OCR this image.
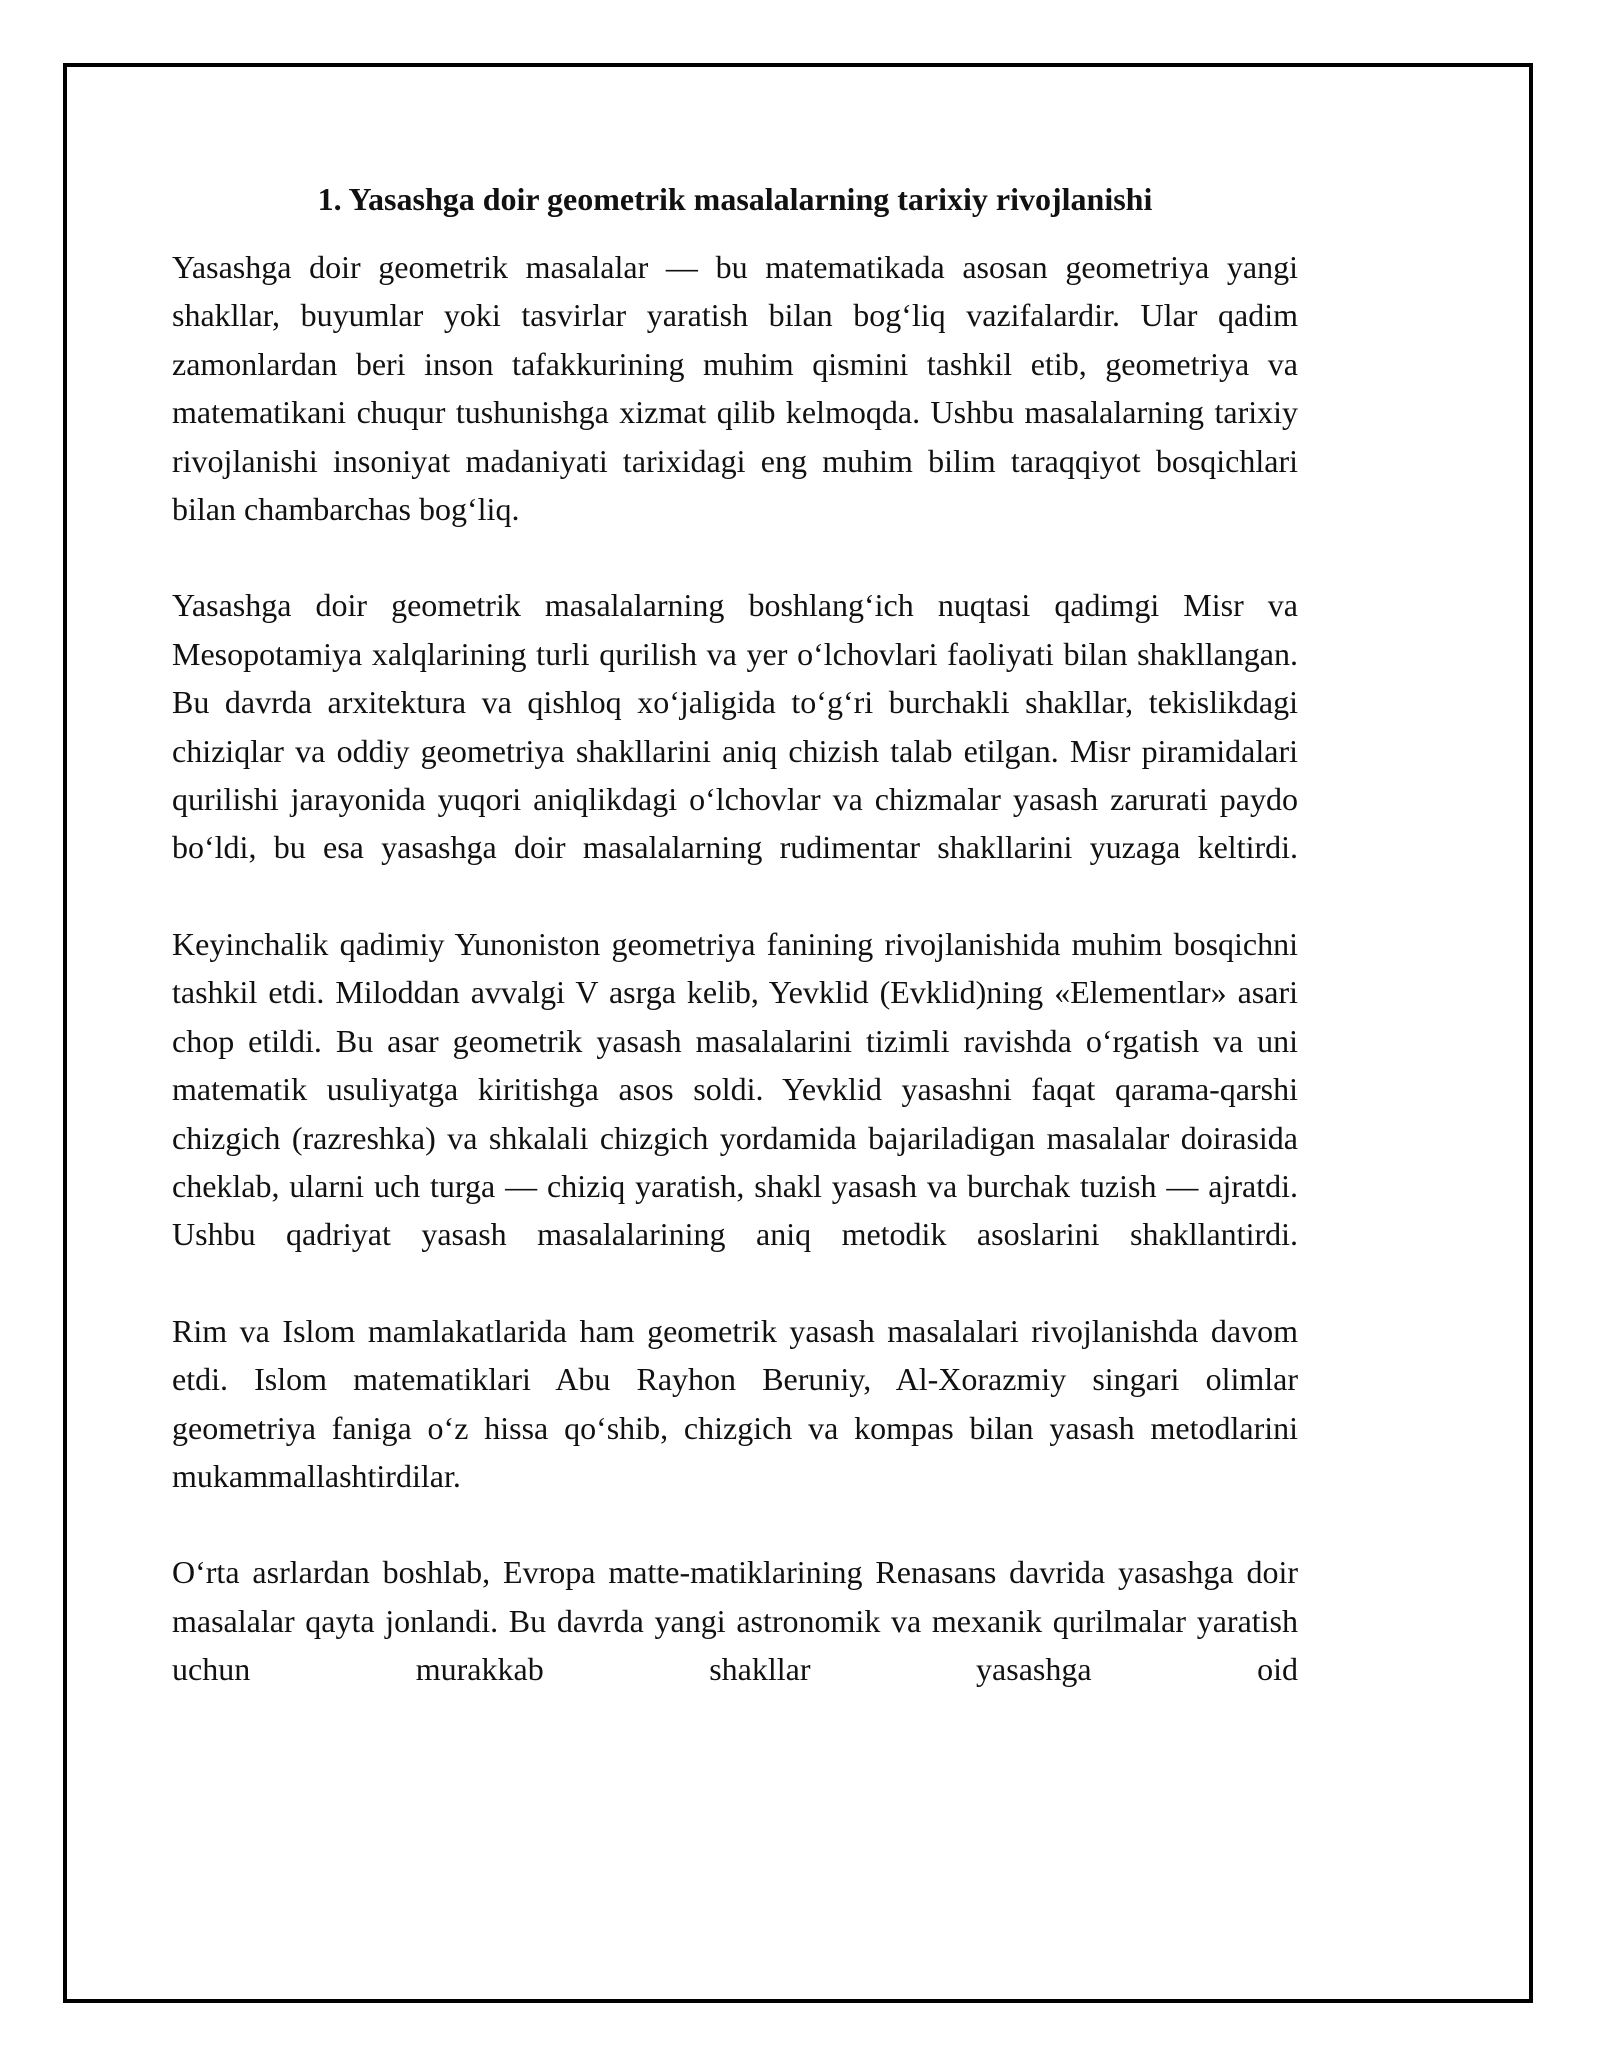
1. Yasashga doir geometrik masalalarning tarixiy rivojlanishi

Yasashga doir geometrik masalalar — bu matematikada asosan geometriya yangi shakllar, buyumlar yoki tasvirlar yaratish bilan bog‘liq vazifalardir. Ular qadim zamonlardan beri inson tafakkurining muhim qismini tashkil etib, geometriya va matematikani chuqur tushunishga xizmat qilib kelmoqda. Ushbu masalalarning tarixiy rivojlanishi insoniyat madaniyati tarixidagi eng muhim bilim taraqqiyot bosqichlari bilan chambarchas bog‘liq.

Yasashga doir geometrik masalalarning boshlang‘ich nuqtasi qadimgi Misr va Mesopotamiya xalqlarining turli qurilish va yer o‘lchovlari faoliyati bilan shakllangan. Bu davrda arxitektura va qishloq xo‘jaligida to‘g‘ri burchakli shakllar, tekislikdagi chiziqlar va oddiy geometriya shakllarini aniq chizish talab etilgan. Misr piramidalari qurilishi jarayonida yuqori aniqlikdagi o‘lchovlar va chizmalar yasash zarurati paydo bo‘ldi, bu esa yasashga doir masalalarning rudimentar shakllarini yuzaga keltirdi.

Keyinchalik qadimiy Yunoniston geometriya fanining rivojlanishida muhim bosqichni tashkil etdi. Miloddan avvalgi V asrga kelib, Yevklid (Evklid)ning «Elementlar» asari chop etildi. Bu asar geometrik yasash masalalarini tizimli ravishda o‘rgatish va uni matematik usuliyatga kiritishga asos soldi. Yevklid yasashni faqat qarama-qarshi chizgich (razreshka) va shkalali chizgich yordamida bajariladigan masalalar doirasida cheklab, ularni uch turga — chiziq yaratish, shakl yasash va burchak tuzish — ajratdi. Ushbu qadriyat yasash masalalarining aniq metodik asoslarini shakllantirdi.

Rim va Islom mamlakatlarida ham geometrik yasash masalalari rivojlanishda davom etdi. Islom matematiklari Abu Rayhon Beruniy, Al-Xorazmiy singari olimlar geometriya faniga o‘z hissa qo‘shib, chizgich va kompas bilan yasash metodlarini mukammallashtirdilar.

O‘rta asrlardan boshlab, Evropa matte-matiklarining Renasans davrida yasashga doir masalalar qayta jonlandi. Bu davrda yangi astronomik va mexanik qurilmalar yaratish uchun murakkab shakllar yasashga oid
